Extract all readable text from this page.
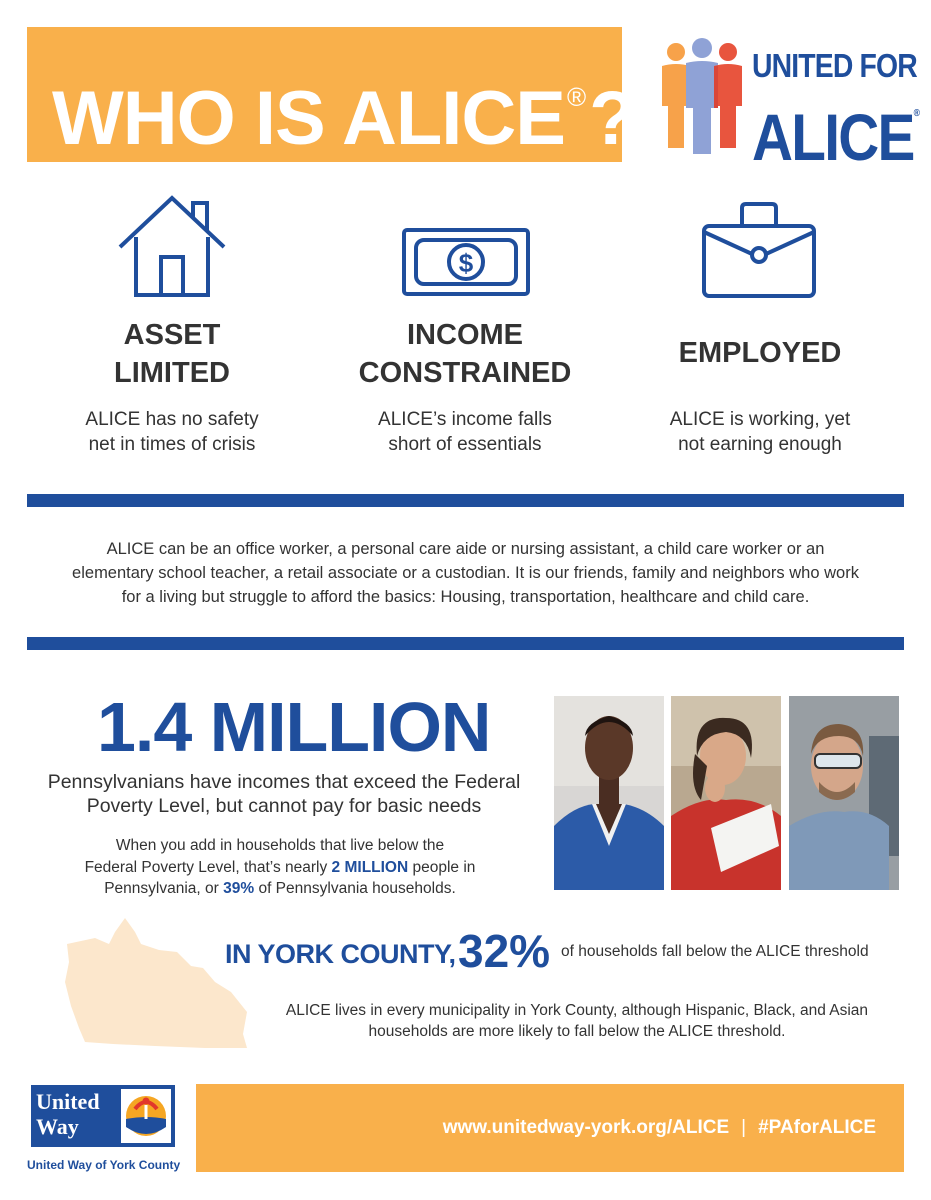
WHO IS ALICE®?
UNITED FOR
ALICE®
ASSET
LIMITED
ALICE has no safety
net in times of crisis
$
INCOME
CONSTRAINED
ALICE’s income falls
short of essentials
EMPLOYED
ALICE is working, yet
not earning enough
ALICE can be an office worker, a personal care aide or nursing assistant, a child care worker or an
elementary school teacher, a retail associate or a custodian. It is our friends, family and neighbors who work
for a living but struggle to afford the basics: Housing, transportation, healthcare and child care.
1.4 MILLION
Pennsylvanians have incomes that exceed the Federal
Poverty Level, but cannot pay for basic needs
When you add in households that live below the
Federal Poverty Level, that’s nearly 2 MILLION people in
Pennsylvania, or 39% of Pennsylvania households.
IN YORK COUNTY, 32% of households fall below the ALICE threshold
ALICE lives in every municipality in York County, although Hispanic, Black, and Asian
households are more likely to fall below the ALICE threshold.
®
United
Way
United Way of York County
www.unitedway-york.org/ALICE | #PAforALICE
